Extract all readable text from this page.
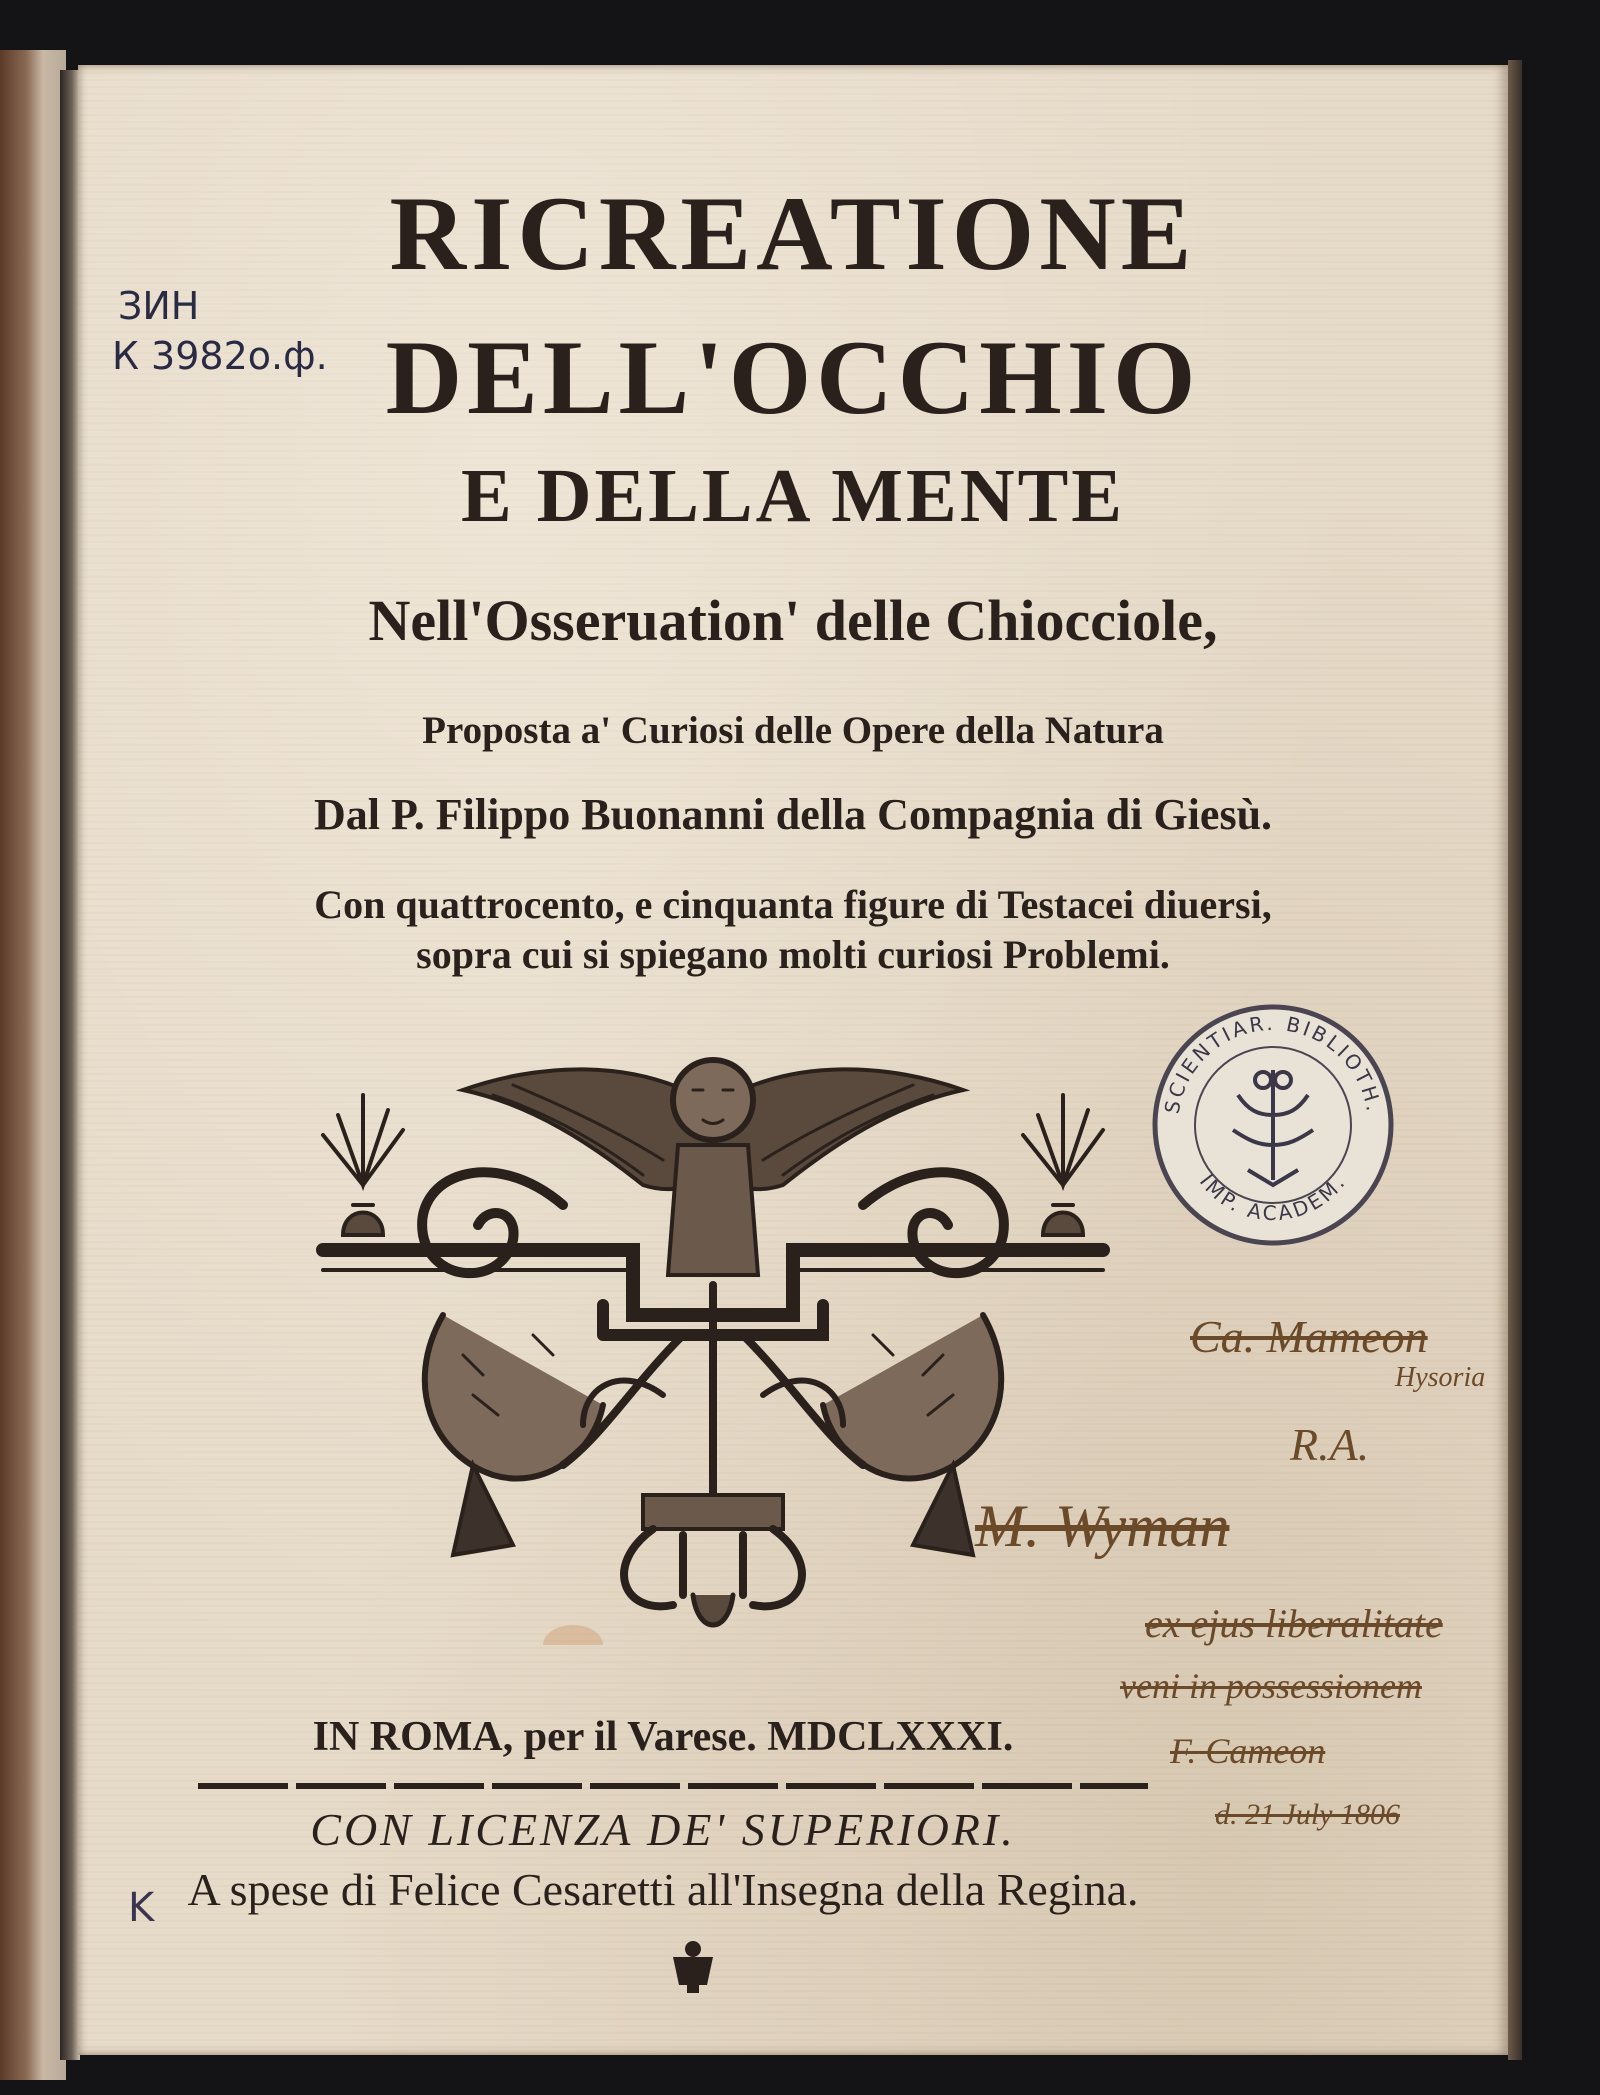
RICREATIONE

DELL'OCCHIO

E DELLA MENTE

Nell'Osseruation' delle Chiocciole,

Proposta a' Curiosi delle Opere della Natura

Dal P. Filippo Buonanni della Compagnia di Giesù.

Con quattrocento, e cinquanta figure di Testacei diuersi,

sopra cui si spiegano molti curiosi Problemi.

IN ROMA, per il Varese. MDCLXXXI.

CON LICENZA DE' SUPERIORI.

A spese di Felice Cesaretti all'Insegna della Regina.

ЗИН
К 3982о.ф.
SCIENTIAR. BIBLIOTH.
IMP. ACADEM.
Ca. Mameon
Hysoria
R.A.
M. Wyman
ex ejus liberalitate
veni in possessionem
F. Cameon
d. 21 July 1806
K
